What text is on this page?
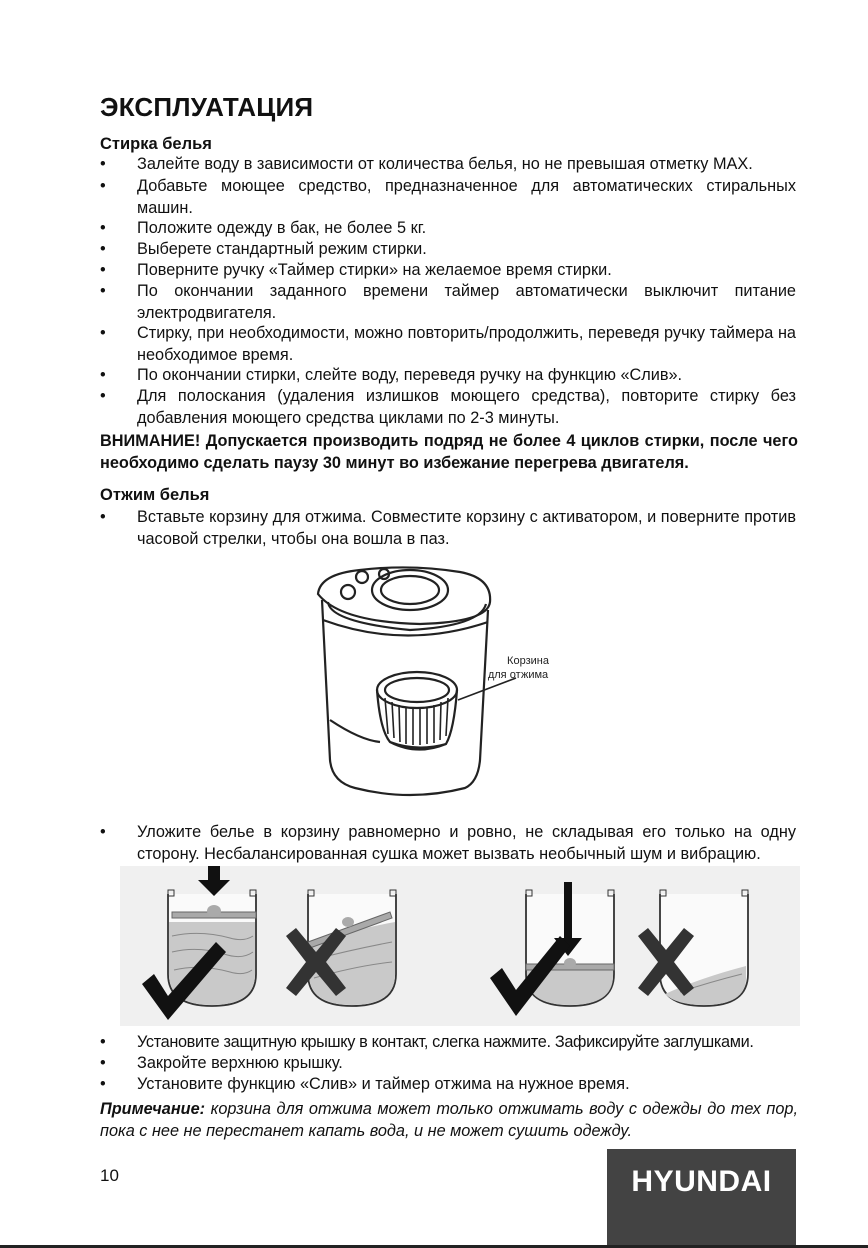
ЭКСПЛУАТАЦИЯ
Стирка белья
• Залейте воду в зависимости от количества белья, но не превышая отметку MAX.
• Добавьте моющее средство, предназначенное для автоматических стиральных машин.
• Положите одежду в бак, не более 5 кг.
• Выберете стандартный режим стирки.
• Поверните ручку «Таймер стирки» на желаемое время стирки.
• По окончании заданного времени таймер автоматически выключит питание электродвигателя.
• Стирку, при необходимости, можно повторить/продолжить, переведя ручку таймера на необходимое время.
• По окончании стирки, слейте воду, переведя ручку на функцию «Слив».
• Для полоскания (удаления излишков моющего средства), повторите стирку без добавления моющего средства циклами по 2-3 минуты.
ВНИМАНИЕ! Допускается производить подряд не более 4 циклов стирки, после чего необходимо сделать паузу 30 минут во избежание перегрева двигателя.
Отжим белья
• Вставьте корзину для отжима. Совместите корзину с активатором, и поверните против часовой стрелки, чтобы она вошла в паз.
Корзина
для отжима
• Уложите белье в корзину равномерно и ровно, не складывая его только на одну сторону. Несбалансированная сушка может вызвать необычный шум и вибрацию.
• Установите защитную крышку в контакт, слегка нажмите. Зафиксируйте заглушками.
• Закройте верхнюю крышку.
• Установите функцию «Слив» и таймер отжима на нужное время.
Примечание: корзина для отжима может только отжимать воду с одежды до тех пор, пока с нее не перестанет капать вода, и не может сушить одежду.
10	HYUNDAI
